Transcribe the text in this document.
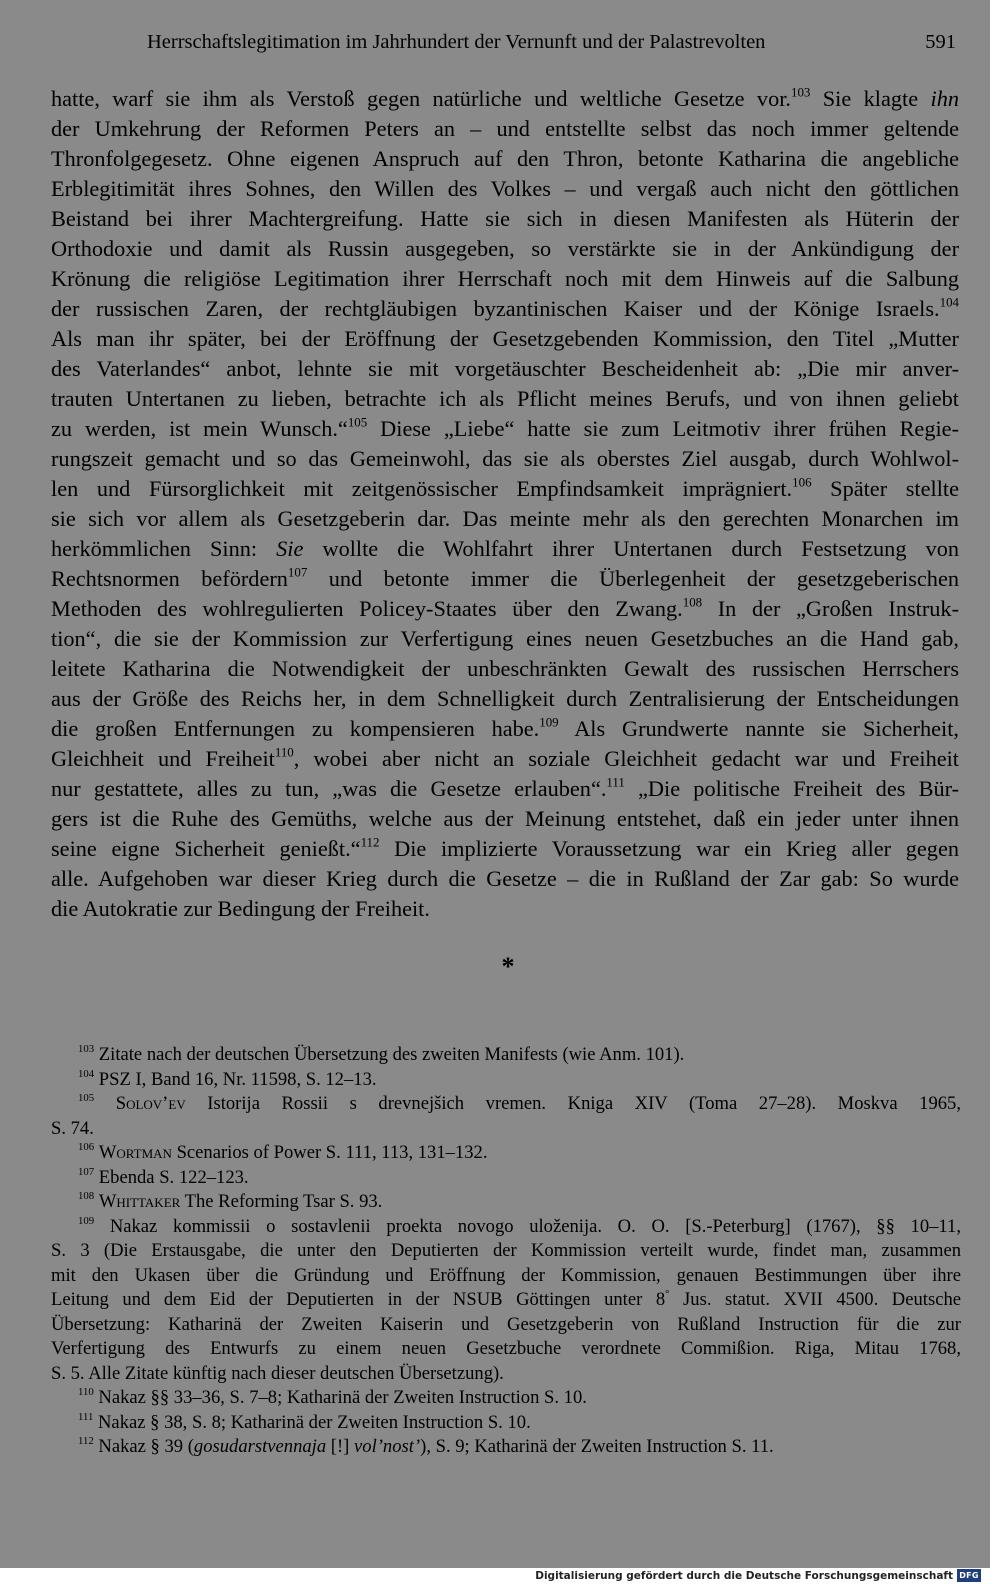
Herrschaftslegitimation im Jahrhundert der Vernunft und der Palastrevolten	591
hatte, warf sie ihm als Verstoß gegen natürliche und weltliche Gesetze vor.$^{103}$ Sie klagte ihn
der Umkehrung der Reformen Peters an – und entstellte selbst das noch immer geltende
Thronfolgegesetz. Ohne eigenen Anspruch auf den Thron, betonte Katharina die angebliche
Erblegitimität ihres Sohnes, den Willen des Volkes – und vergaß auch nicht den göttlichen
Beistand bei ihrer Machtergreifung. Hatte sie sich in diesen Manifesten als Hüterin der
Orthodoxie und damit als Russin ausgegeben, so verstärkte sie in der Ankündigung der
Krönung die religiöse Legitimation ihrer Herrschaft noch mit dem Hinweis auf die Salbung
der russischen Zaren, der rechtgläubigen byzantinischen Kaiser und der Könige Israels.$^{104}$
Als man ihr später, bei der Eröffnung der Gesetzgebenden Kommission, den Titel „Mutter
des Vaterlandes“ anbot, lehnte sie mit vorgetäuschter Bescheidenheit ab: „Die mir anver-
trauten Untertanen zu lieben, betrachte ich als Pflicht meines Berufs, und von ihnen geliebt
zu werden, ist mein Wunsch.“$^{105}$ Diese „Liebe“ hatte sie zum Leitmotiv ihrer frühen Regie-
rungszeit gemacht und so das Gemeinwohl, das sie als oberstes Ziel ausgab, durch Wohlwol-
len und Fürsorglichkeit mit zeitgenössischer Empfindsamkeit imprägniert.$^{106}$ Später stellte
sie sich vor allem als Gesetzgeberin dar. Das meinte mehr als den gerechten Monarchen im
herkömmlichen Sinn: Sie wollte die Wohlfahrt ihrer Untertanen durch Festsetzung von
Rechtsnormen befördern$^{107}$ und betonte immer die Überlegenheit der gesetzgeberischen
Methoden des wohlregulierten Policey-Staates über den Zwang.$^{108}$ In der „Großen Instruk-
tion“, die sie der Kommission zur Verfertigung eines neuen Gesetzbuches an die Hand gab,
leitete Katharina die Notwendigkeit der unbeschränkten Gewalt des russischen Herrschers
aus der Größe des Reichs her, in dem Schnelligkeit durch Zentralisierung der Entscheidungen
die großen Entfernungen zu kompensieren habe.$^{109}$ Als Grundwerte nannte sie Sicherheit,
Gleichheit und Freiheit$^{110}$, wobei aber nicht an soziale Gleichheit gedacht war und Freiheit
nur gestattete, alles zu tun, „was die Gesetze erlauben“.$^{111}$ „Die politische Freiheit des Bür-
gers ist die Ruhe des Gemüths, welche aus der Meinung entstehet, daß ein jeder unter ihnen
seine eigne Sicherheit genießt.“$^{112}$ Die implizierte Voraussetzung war ein Krieg aller gegen
alle. Aufgehoben war dieser Krieg durch die Gesetze – die in Rußland der Zar gab: So wurde
die Autokratie zur Bedingung der Freiheit.
*
$^{103}$ Zitate nach der deutschen Übersetzung des zweiten Manifests (wie Anm. 101).
$^{104}$ PSZ I, Band 16, Nr. 11598, S. 12–13.
$^{105}$ Solov’ev Istorija Rossii s drevnejšich vremen. Kniga XIV (Toma 27–28). Moskva 1965,
S. 74.
$^{106}$ Wortman Scenarios of Power S. 111, 113, 131–132.
$^{107}$ Ebenda S. 122–123.
$^{108}$ Whittaker The Reforming Tsar S. 93.
$^{109}$ Nakaz kommissii o sostavlenii proekta novogo uloženija. O. O. [S.-Peterburg] (1767), §§ 10–11,
S. 3 (Die Erstausgabe, die unter den Deputierten der Kommission verteilt wurde, findet man, zusammen
mit den Ukasen über die Gründung und Eröffnung der Kommission, genauen Bestimmungen über ihre
Leitung und dem Eid der Deputierten in der NSUB Göttingen unter 8° Jus. statut. XVII 4500. Deutsche
Übersetzung: Katharinä der Zweiten Kaiserin und Gesetzgeberin von Rußland Instruction für die zur
Verfertigung des Entwurfs zu einem neuen Gesetzbuche verordnete Commißion. Riga, Mitau 1768,
S. 5. Alle Zitate künftig nach dieser deutschen Übersetzung).
$^{110}$ Nakaz §§ 33–36, S. 7–8; Katharinä der Zweiten Instruction S. 10.
$^{111}$ Nakaz § 38, S. 8; Katharinä der Zweiten Instruction S. 10.
$^{112}$ Nakaz § 39 (gosudarstvennaja [!] vol’nost’), S. 9; Katharinä der Zweiten Instruction S. 11.
Digitalisierung gefördert durch die Deutsche Forschungsgemeinschaft DFG
